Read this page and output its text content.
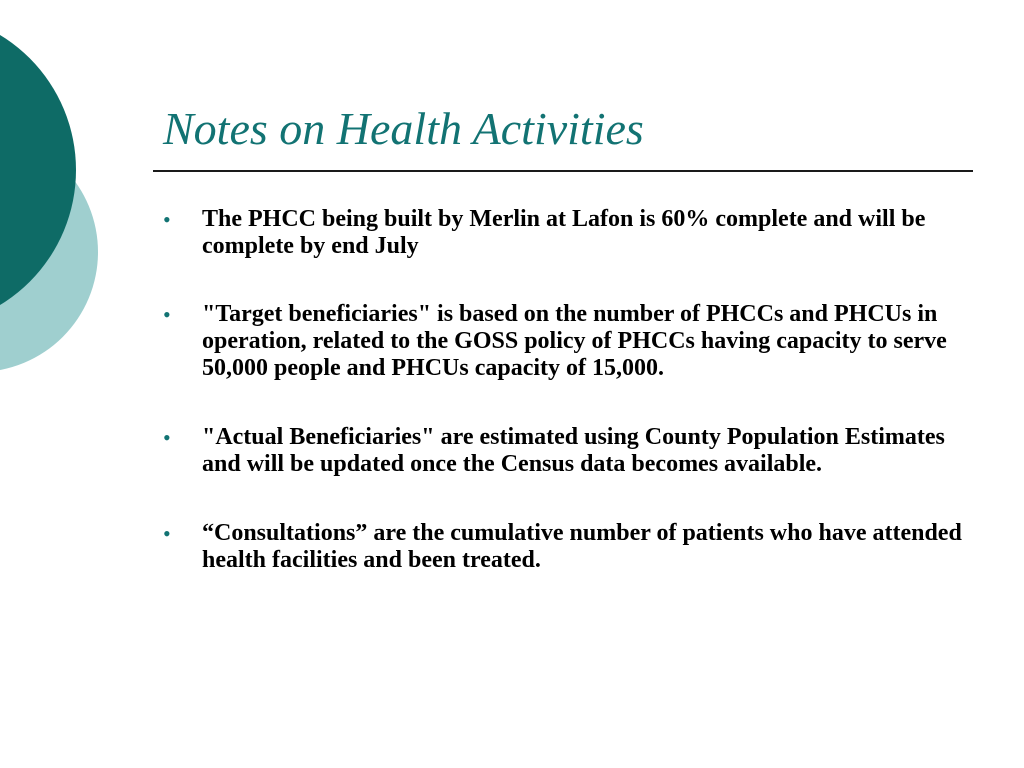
Notes on Health Activities
• The PHCC being built by Merlin at Lafon is 60% complete and will be complete by end July
• "Target beneficiaries" is based on the number of PHCCs and PHCUs in operation, related to the GOSS policy of PHCCs having capacity to serve 50,000 people and PHCUs capacity of 15,000.
• "Actual Beneficiaries" are estimated using County Population Estimates and will be updated once the Census data becomes available.
• “Consultations” are the cumulative number of patients who have attended health facilities and been treated.
